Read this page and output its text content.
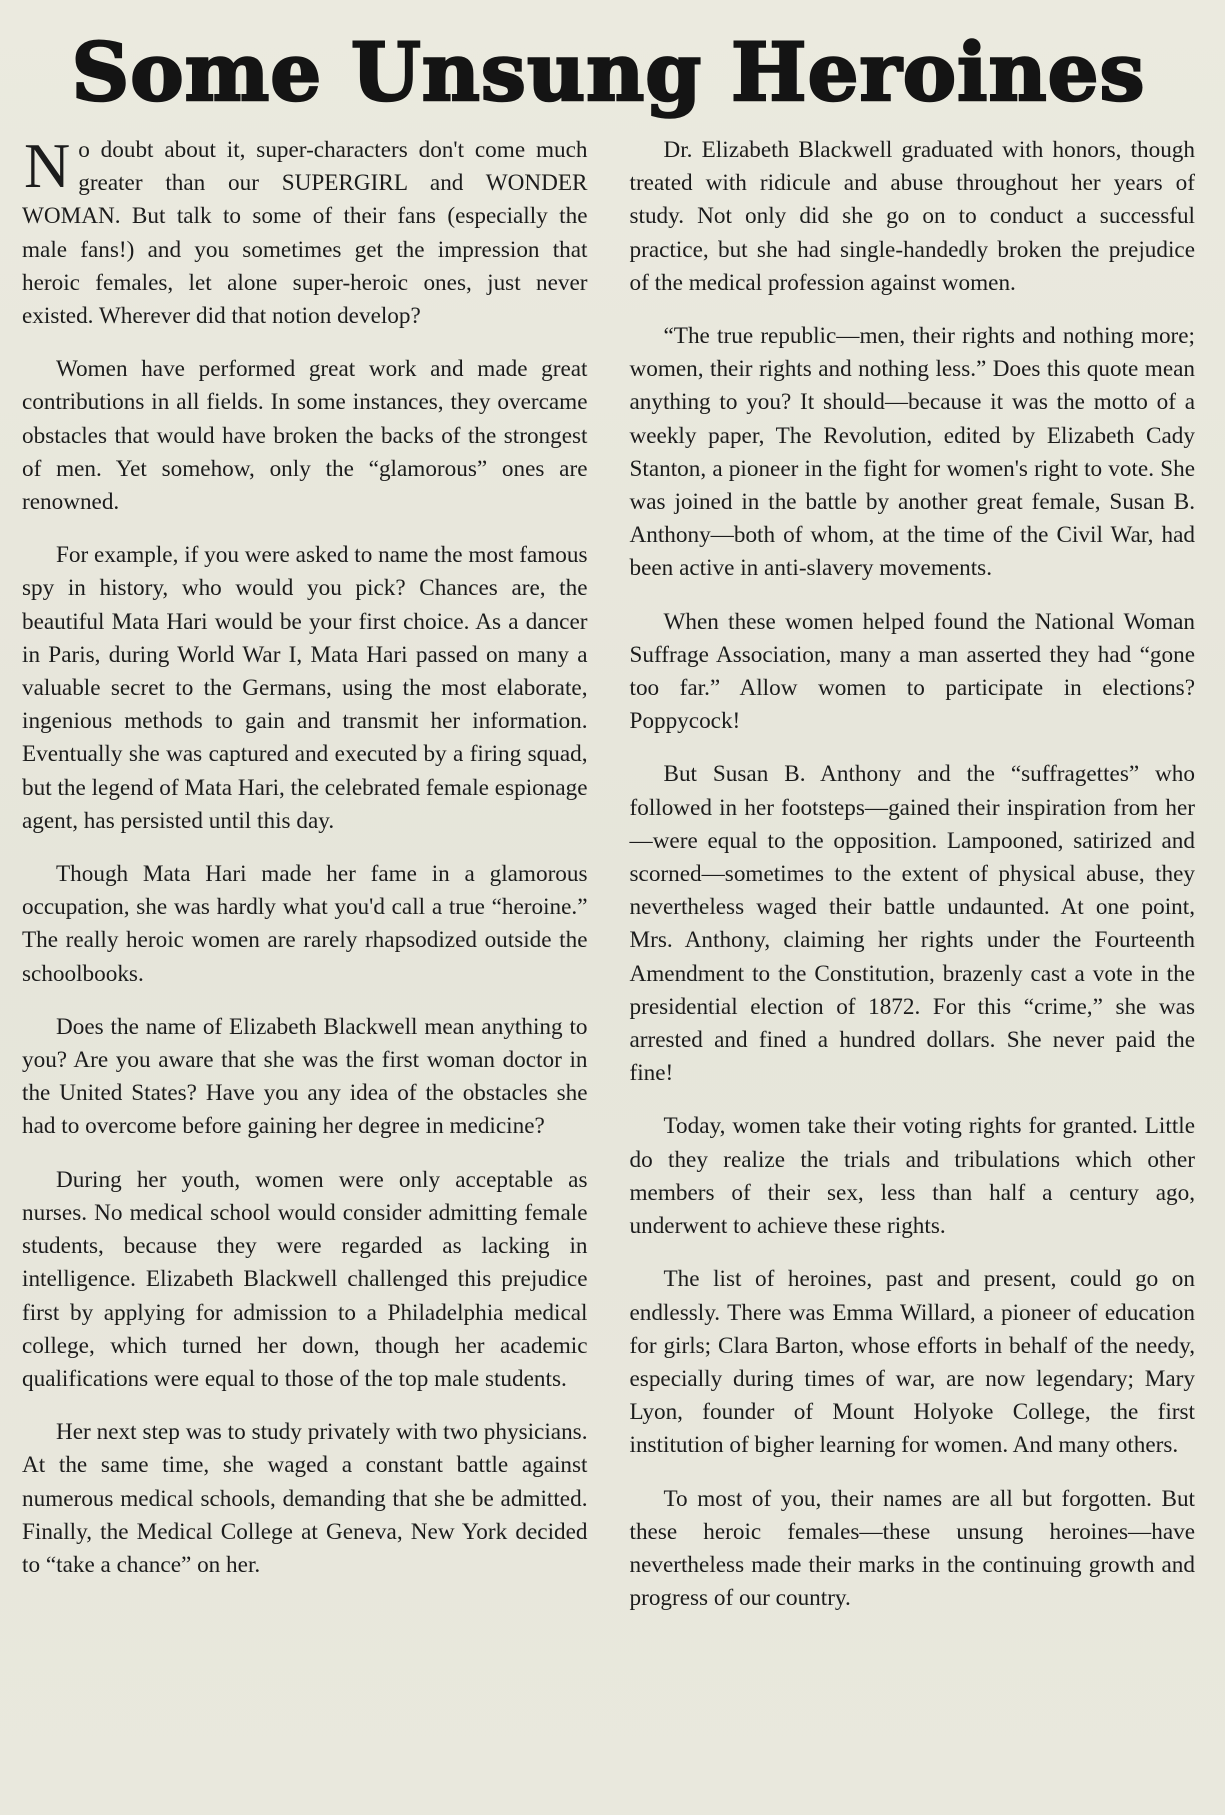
Some Unsung Heroines

No doubt about it, super-characters don't come much greater than our SUPERGIRL and WONDER WOMAN. But talk to some of their fans (especially the male fans!) and you sometimes get the impression that heroic females, let alone super-heroic ones, just never existed. Wherever did that notion develop?

Women have performed great work and made great contributions in all fields. In some instances, they overcame obstacles that would have broken the backs of the strongest of men. Yet somehow, only the “glamorous” ones are renowned.

For example, if you were asked to name the most famous spy in history, who would you pick? Chances are, the beautiful Mata Hari would be your first choice. As a dancer in Paris, during World War I, Mata Hari passed on many a valuable secret to the Germans, using the most elaborate, ingenious methods to gain and transmit her information. Eventually she was captured and executed by a firing squad, but the legend of Mata Hari, the celebrated female espionage agent, has persisted until this day.

Though Mata Hari made her fame in a glamorous occupation, she was hardly what you'd call a true “heroine.” The really heroic women are rarely rhapsodized outside the schoolbooks.

Does the name of Elizabeth Blackwell mean anything to you? Are you aware that she was the first woman doctor in the United States? Have you any idea of the obstacles she had to overcome before gaining her degree in medicine?

During her youth, women were only acceptable as nurses. No medical school would consider admitting female students, because they were regarded as lacking in intelligence. Elizabeth Blackwell challenged this prejudice first by applying for admission to a Philadelphia medical college, which turned her down, though her academic qualifications were equal to those of the top male students.

Her next step was to study privately with two physicians. At the same time, she waged a constant battle against numerous medical schools, demanding that she be admitted. Finally, the Medical College at Geneva, New York decided to “take a chance” on her.

Dr. Elizabeth Blackwell graduated with honors, though treated with ridicule and abuse throughout her years of study. Not only did she go on to conduct a successful practice, but she had single-handedly broken the prejudice of the medical profession against women.

“The true republic—men, their rights and nothing more; women, their rights and nothing less.” Does this quote mean anything to you? It should—because it was the motto of a weekly paper, The Revolution, edited by Elizabeth Cady Stanton, a pioneer in the fight for women's right to vote. She was joined in the battle by another great female, Susan B. Anthony—both of whom, at the time of the Civil War, had been active in anti-slavery movements.

When these women helped found the National Woman Suffrage Association, many a man asserted they had “gone too far.” Allow women to participate in elections? Poppycock!

But Susan B. Anthony and the “suffragettes” who followed in her footsteps—gained their inspiration from her—were equal to the opposition. Lampooned, satirized and scorned—sometimes to the extent of physical abuse, they nevertheless waged their battle undaunted. At one point, Mrs. Anthony, claiming her rights under the Fourteenth Amendment to the Constitution, brazenly cast a vote in the presidential election of 1872. For this “crime,” she was arrested and fined a hundred dollars. She never paid the fine!

Today, women take their voting rights for granted. Little do they realize the trials and tribulations which other members of their sex, less than half a century ago, underwent to achieve these rights.

The list of heroines, past and present, could go on endlessly. There was Emma Willard, a pioneer of education for girls; Clara Barton, whose efforts in behalf of the needy, especially during times of war, are now legendary; Mary Lyon, founder of Mount Holyoke College, the first institution of bigher learning for women. And many others.

To most of you, their names are all but forgotten. But these heroic females—these unsung heroines—have nevertheless made their marks in the continuing growth and progress of our country.
